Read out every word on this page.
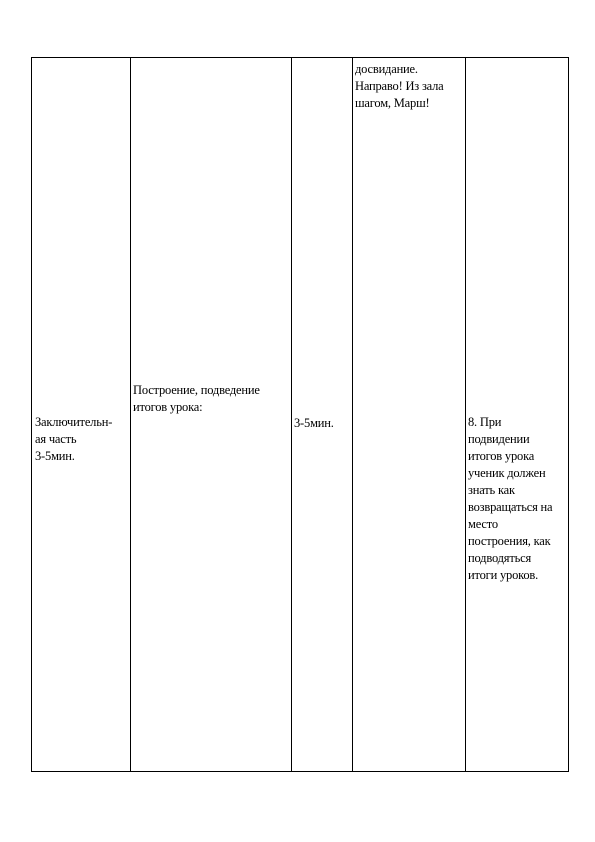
Заключительн-
ая часть
3-5мин.
Построение, подведение
итогов урока:
3-5мин.
досвидание.
Направо! Из зала
шагом, Марш!
8. При
подвидении
итогов урока
ученик должен
знать как
возвращаться на
место
построения, как
подводяться
итоги уроков.
